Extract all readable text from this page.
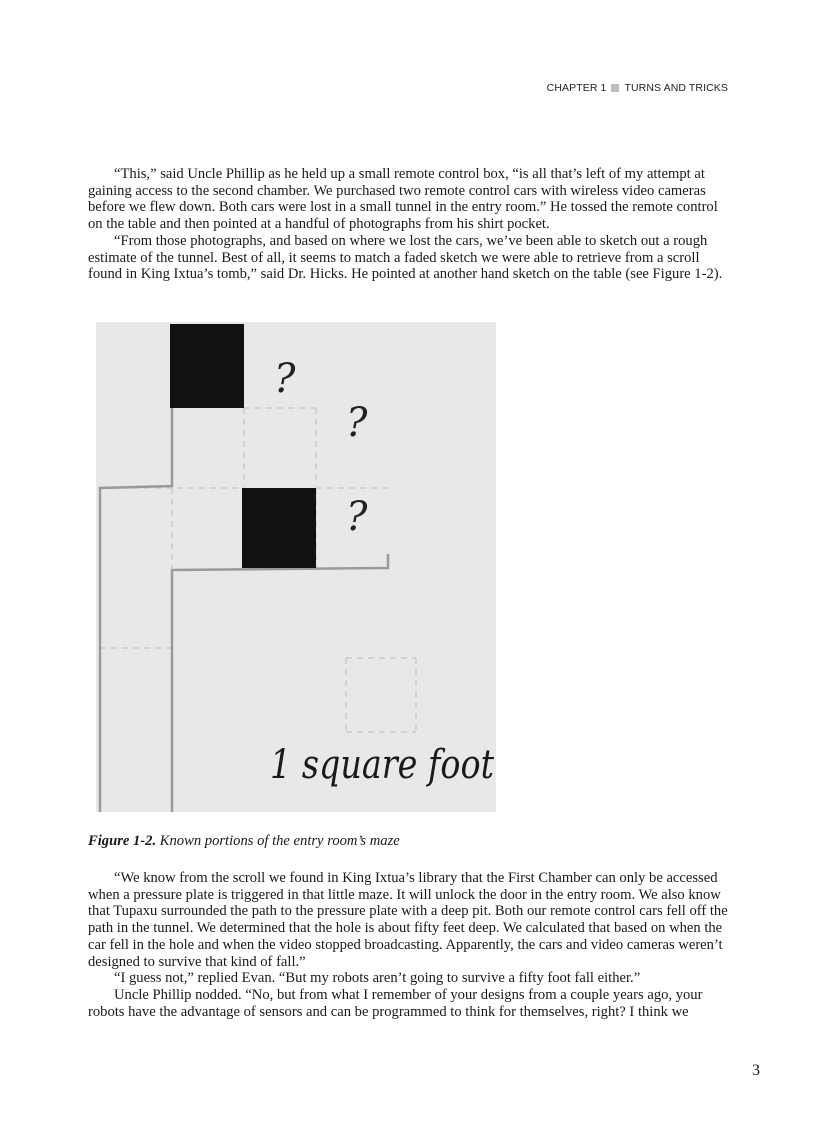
CHAPTER 1 TURNS AND TRICKS

“This,” said Uncle Phillip as he held up a small remote control box, “is all that’s left of my attempt at gaining access to the second chamber. We purchased two remote control cars with wireless video cameras before we flew down. Both cars were lost in a small tunnel in the entry room.” He tossed the remote control on the table and then pointed at a handful of photographs from his shirt pocket.

“From those photographs, and based on where we lost the cars, we’ve been able to sketch out a rough estimate of the tunnel. Best of all, it seems to match a faded sketch we were able to retrieve from a scroll found in King Ixtua’s tomb,” said Dr. Hicks. He pointed at another hand sketch on the table (see Figure 1-2).

?
?
?
1 square foot
Figure 1-2. Known portions of the entry room’s maze

“We know from the scroll we found in King Ixtua’s library that the First Chamber can only be accessed when a pressure plate is triggered in that little maze. It will unlock the door in the entry room. We also know that Tupaxu surrounded the path to the pressure plate with a deep pit. Both our remote control cars fell off the path in the tunnel. We determined that the hole is about fifty feet deep. We calculated that based on when the car fell in the hole and when the video stopped broadcasting. Apparently, the cars and video cameras weren’t designed to survive that kind of fall.”

“I guess not,” replied Evan. “But my robots aren’t going to survive a fifty foot fall either.”

Uncle Phillip nodded. “No, but from what I remember of your designs from a couple years ago, your robots have the advantage of sensors and can be programmed to think for themselves, right? I think we

3
